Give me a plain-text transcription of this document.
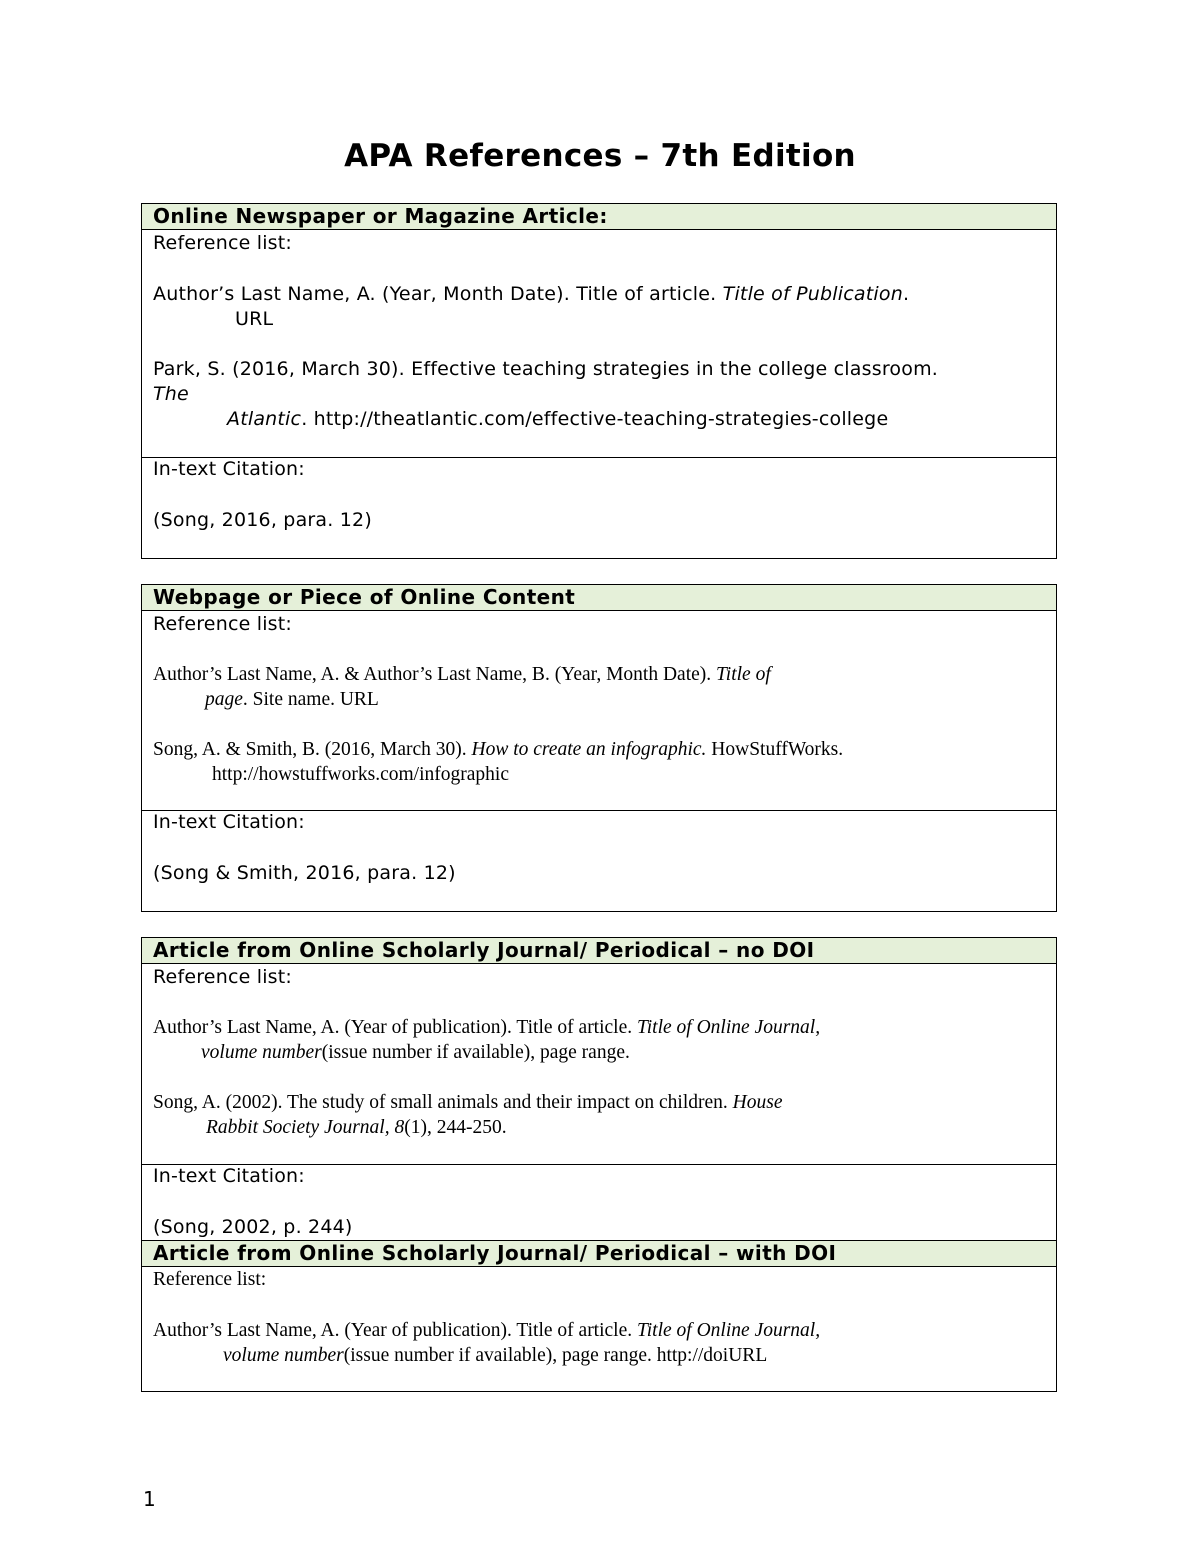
APA References – 7th Edition
Online Newspaper or Magazine Article:
Reference list:
Author’s Last Name, A. (Year, Month Date). Title of article. Title of Publication.
URL
Park, S. (2016, March 30). Effective teaching strategies in the college classroom.
The
Atlantic. http://theatlantic.com/effective-teaching-strategies-college
In-text Citation:
(Song, 2016, para. 12)
Webpage or Piece of Online Content
Reference list:
Author’s Last Name, A. & Author’s Last Name, B. (Year, Month Date). Title of
page. Site name. URL
Song, A. & Smith, B. (2016, March 30). How to create an infographic. HowStuffWorks.
http://howstuffworks.com/infographic
In-text Citation:
(Song & Smith, 2016, para. 12)
Article from Online Scholarly Journal/ Periodical – no DOI
Reference list:
Author’s Last Name, A. (Year of publication). Title of article. Title of Online Journal,
volume number(issue number if available), page range.
Song, A. (2002). The study of small animals and their impact on children. House
Rabbit Society Journal, 8(1), 244-250.
In-text Citation:
(Song, 2002, p. 244)
Article from Online Scholarly Journal/ Periodical – with DOI
Reference list:
Author’s Last Name, A. (Year of publication). Title of article. Title of Online Journal,
volume number(issue number if available), page range. http://doiURL
1
